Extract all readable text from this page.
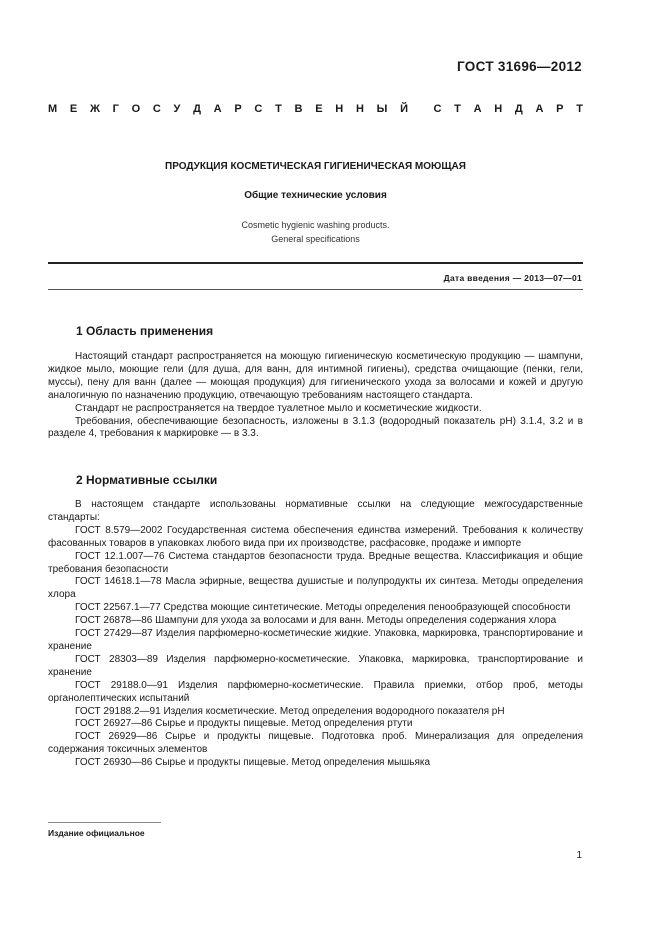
ГОСТ 31696—2012
М Е Ж Г О С У Д А Р С Т В Е Н Н Ы Й С Т А Н Д А Р Т
ПРОДУКЦИЯ КОСМЕТИЧЕСКАЯ ГИГИЕНИЧЕСКАЯ МОЮЩАЯ
Общие технические условия
Cosmetic hygienic washing products.
General specifications
Дата введения — 2013—07—01
1 Область применения

Настоящий стандарт распространяется на моющую гигиеническую косметическую продукцию — шампуни, жидкое мыло, моющие гели (для душа, для ванн, для интимной гигиены), средства очищающие (пенки, гели, муссы), пену для ванн (далее — моющая продукция) для гигиенического ухода за волосами и кожей и другую аналогичную по назначению продукцию, отвечающую требованиям настоящего стандарта.

Стандарт не распространяется на твердое туалетное мыло и косметические жидкости.

Требования, обеспечивающие безопасность, изложены в 3.1.3 (водородный показатель pH) 3.1.4, 3.2 и в разделе 4, требования к маркировке — в 3.3.

2 Нормативные ссылки

В настоящем стандарте использованы нормативные ссылки на следующие межгосударственные стандарты:

ГОСТ 8.579—2002 Государственная система обеспечения единства измерений. Требования к количеству фасованных товаров в упаковках любого вида при их производстве, расфасовке, продаже и импорте

ГОСТ 12.1.007—76 Система стандартов безопасности труда. Вредные вещества. Классификация и общие требования безопасности

ГОСТ 14618.1—78 Масла эфирные, вещества душистые и полупродукты их синтеза. Методы определения хлора

ГОСТ 22567.1—77 Средства моющие синтетические. Методы определения пенообразующей способности

ГОСТ 26878—86 Шампуни для ухода за волосами и для ванн. Методы определения содержания хлора

ГОСТ 27429—87 Изделия парфюмерно-косметические жидкие. Упаковка, маркировка, транспортирование и хранение

ГОСТ 28303—89 Изделия парфюмерно-косметические. Упаковка, маркировка, транспортирование и хранение

ГОСТ 29188.0—91 Изделия парфюмерно-косметические. Правила приемки, отбор проб, методы органолептических испытаний

ГОСТ 29188.2—91 Изделия косметические. Метод определения водородного показателя pH

ГОСТ 26927—86 Сырье и продукты пищевые. Метод определения ртути

ГОСТ 26929—86 Сырье и продукты пищевые. Подготовка проб. Минерализация для определения содержания токсичных элементов

ГОСТ 26930—86 Сырье и продукты пищевые. Метод определения мышьяка

Издание официальное
1
